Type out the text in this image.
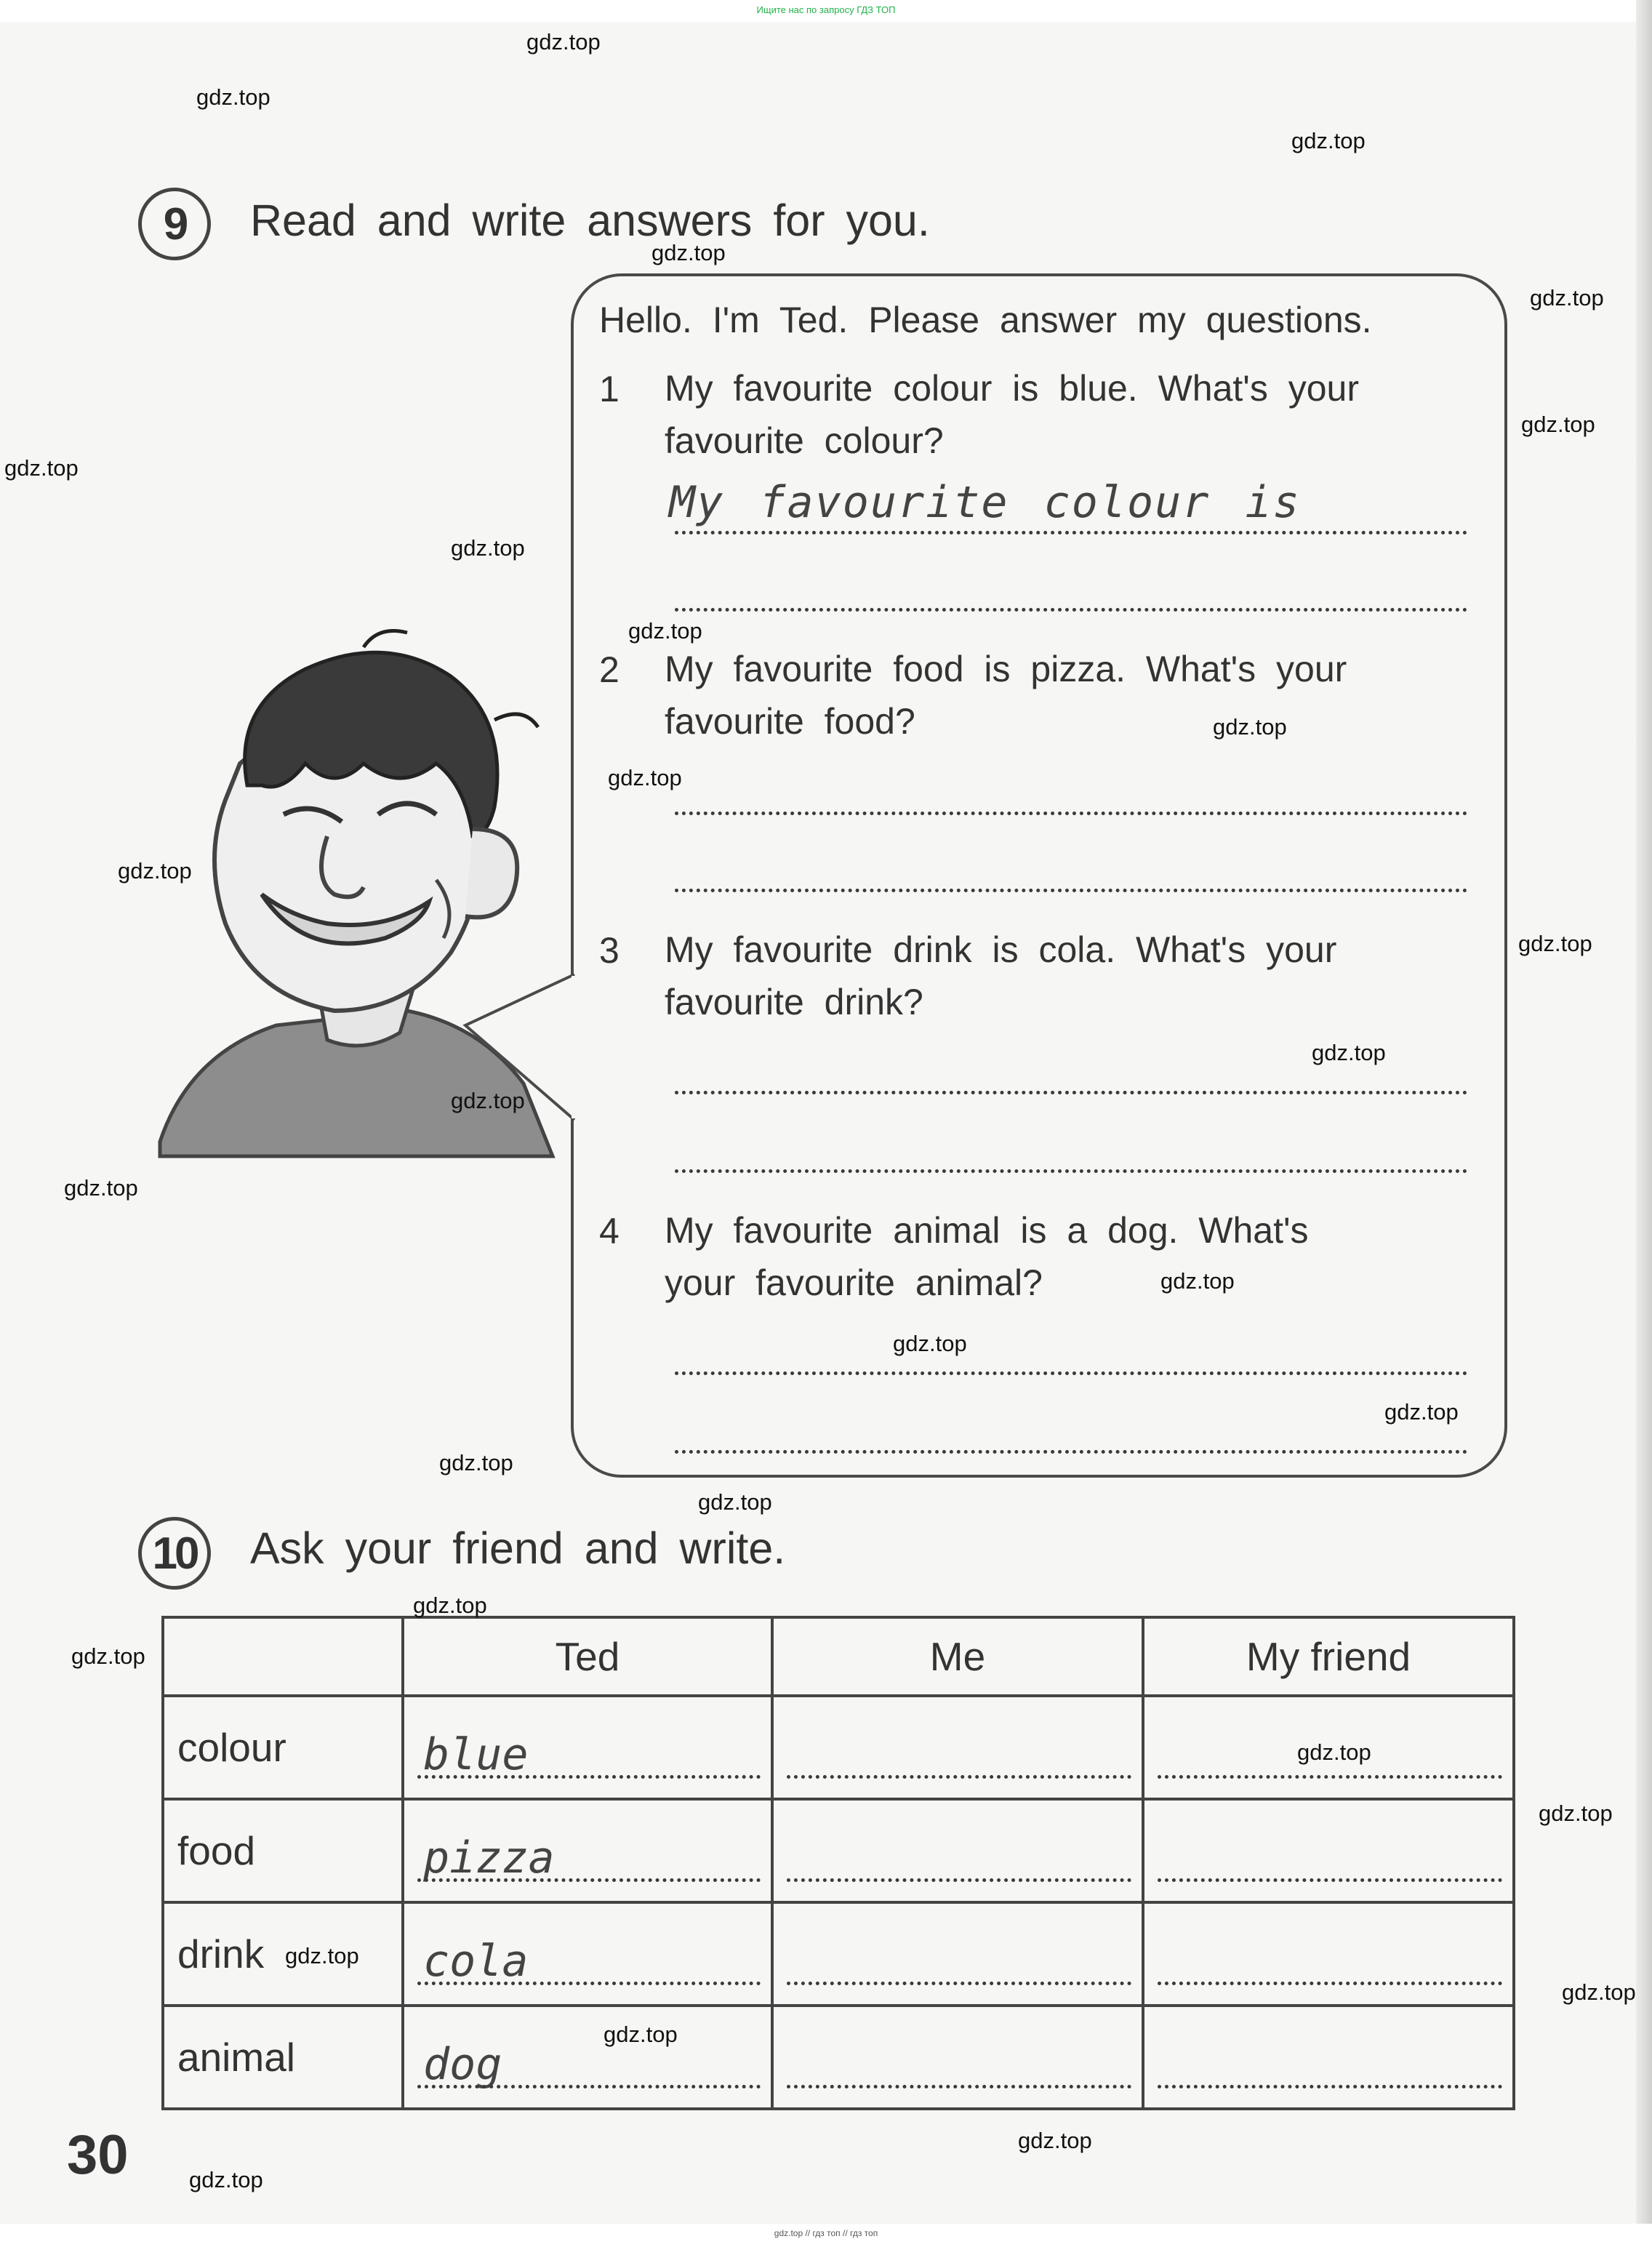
Ищите нас по запросу ГДЗ ТОП
9	Read and write answers for you.
Hello. I'm Ted. Please answer my questions.
1 My favourite colour is blue. What's your
favourite colour?
My favourite colour is
2 My favourite food is pizza. What's your
favourite food?
3 My favourite drink is cola. What's your
favourite drink?
4 My favourite animal is a dog. What's
your favourite animal?
10	Ask your friend and write.
	Ted	Me	My friend
colour	blue		

food	pizza		

drink	cola		

animal	dog		

30
gdz.top
gdz.top
gdz.top
gdz.top
gdz.top
gdz.top
gdz.top
gdz.top
gdz.top
gdz.top
gdz.top
gdz.top
gdz.top
gdz.top
gdz.top
gdz.top
gdz.top
gdz.top
gdz.top
gdz.top
gdz.top
gdz.top
gdz.top
gdz.top
gdz.top
gdz.top
gdz.top
gdz.top
gdz.top
gdz.top
gdz.top // гдз топ // гдз топ
